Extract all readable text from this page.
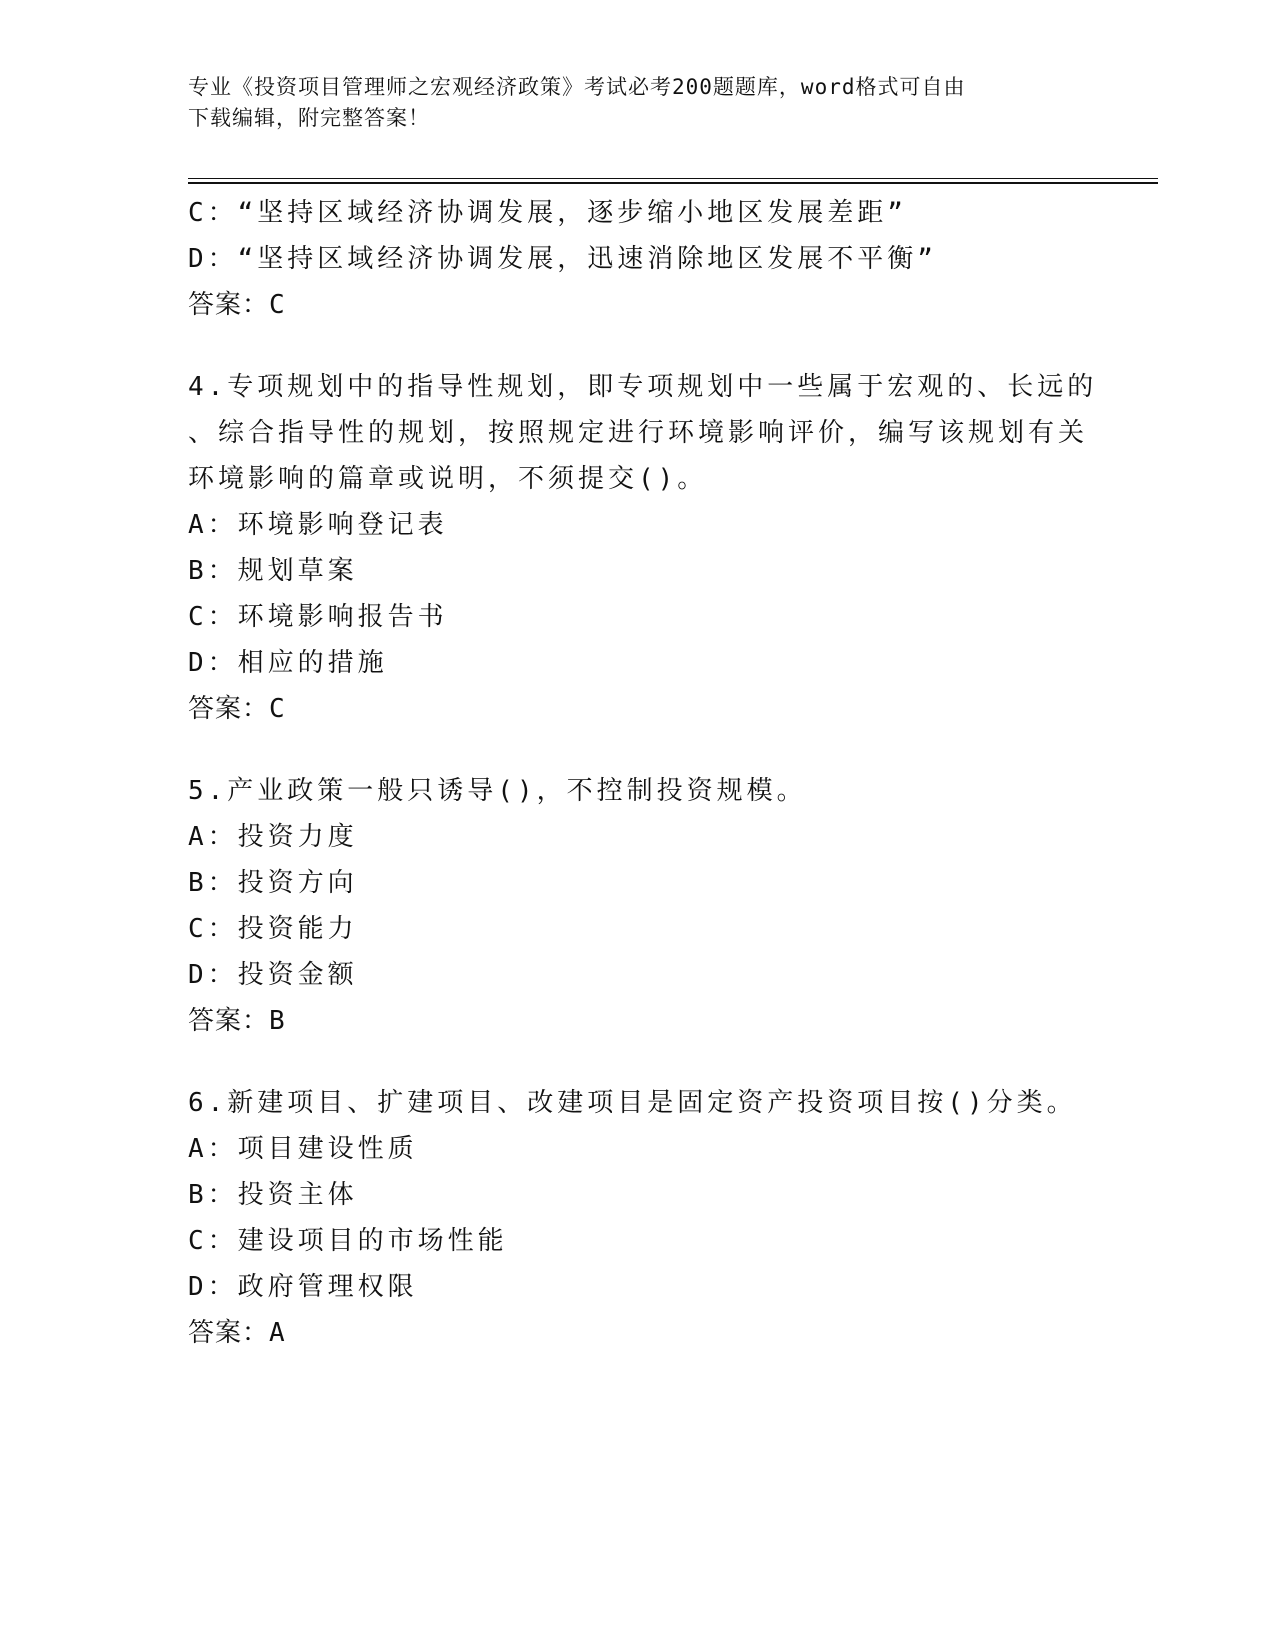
专业《投资项目管理师之宏观经济政策》考试必考200题题库，word格式可自由
下载编辑，附完整答案！
C：“坚持区域经济协调发展，逐步缩小地区发展差距”
D：“坚持区域经济协调发展，迅速消除地区发展不平衡”
答案：C
4.专项规划中的指导性规划，即专项规划中一些属于宏观的、长远的
、综合指导性的规划，按照规定进行环境影响评价，编写该规划有关
环境影响的篇章或说明，不须提交()。
A：环境影响登记表
B：规划草案
C：环境影响报告书
D：相应的措施
答案：C
5.产业政策一般只诱导()，不控制投资规模。
A：投资力度
B：投资方向
C：投资能力
D：投资金额
答案：B
6.新建项目、扩建项目、改建项目是固定资产投资项目按()分类。
A：项目建设性质
B：投资主体
C：建设项目的市场性能
D：政府管理权限
答案：A
